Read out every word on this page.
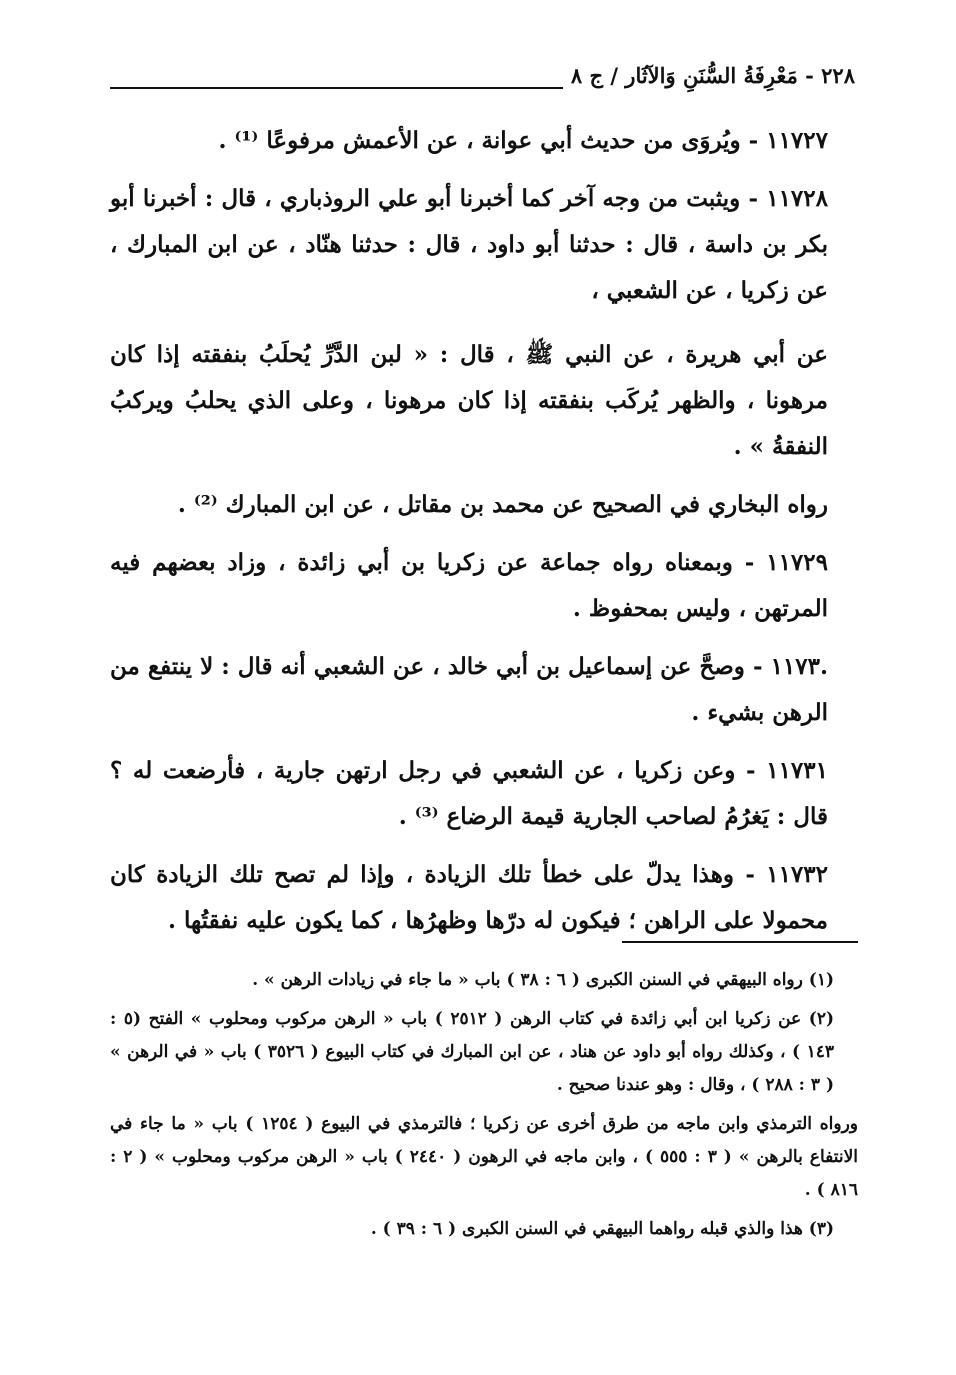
٢٢٨ - مَعْرِفَةُ السُّنَنِ وَالآثَار / ج ٨

١١٧٢٧ - ويُروَى من حديث أبي عوانة ، عن الأعمش مرفوعًا ⁽¹⁾ .

١١٧٢٨ - ويثبت من وجه آخر كما أخبرنا أبو علي الروذباري ، قال : أخبرنا أبو بكر بن داسة ، قال : حدثنا أبو داود ، قال : حدثنا هنّاد ، عن ابن المبارك ، عن زكريا ، عن الشعبي ،

عن أبي هريرة ، عن النبي ﷺ ، قال : « لبن الدَّرِّ يُحلَبُ بنفقته إذا كان مرهونا ، والظهر يُركَب بنفقته إذا كان مرهونا ، وعلى الذي يحلبُ ويركبُ النفقةُ » .

رواه البخاري في الصحيح عن محمد بن مقاتل ، عن ابن المبارك ⁽²⁾ .

١١٧٢٩ - وبمعناه رواه جماعة عن زكريا بن أبي زائدة ، وزاد بعضهم فيه المرتهن ، وليس بمحفوظ .

.١١٧٣ - وصحَّ عن إسماعيل بن أبي خالد ، عن الشعبي أنه قال : لا ينتفع من الرهن بشيء .

١١٧٣١ - وعن زكريا ، عن الشعبي في رجل ارتهن جارية ، فأرضعت له ؟ قال : يَغرُمُ لصاحب الجارية قيمة الرضاع ⁽³⁾ .

١١٧٣٢ - وهذا يدلّ على خطأ تلك الزيادة ، وإذا لم تصح تلك الزيادة كان محمولا على الراهن ؛ فيكون له درّها وظهرُها ، كما يكون عليه نفقتُها .

(١) رواه البيهقي في السنن الكبرى ( ٦ : ٣٨ ) باب « ما جاء في زيادات الرهن » .

(٢) عن زكريا ابن أبي زائدة في كتاب الرهن ( ٢٥١٢ ) باب « الرهن مركوب ومحلوب » الفتح (٥ : ١٤٣ ) ، وكذلك رواه أبو داود عن هناد ، عن ابن المبارك في كتاب البيوع ( ٣٥٢٦ ) باب « في الرهن » ( ٣ : ٢٨٨ ) ، وقال : وهو عندنا صحيح .

ورواه الترمذي وابن ماجه من طرق أخرى عن زكريا ؛ فالترمذي في البيوع ( ١٢٥٤ ) باب « ما جاء في الانتفاع بالرهن » ( ٣ : ٥٥٥ ) ، وابن ماجه في الرهون ( ٢٤٤٠ ) باب « الرهن مركوب ومحلوب » ( ٢ : ٨١٦ ) .

(٣) هذا والذي قبله رواهما البيهقي في السنن الكبرى ( ٦ : ٣٩ ) .
